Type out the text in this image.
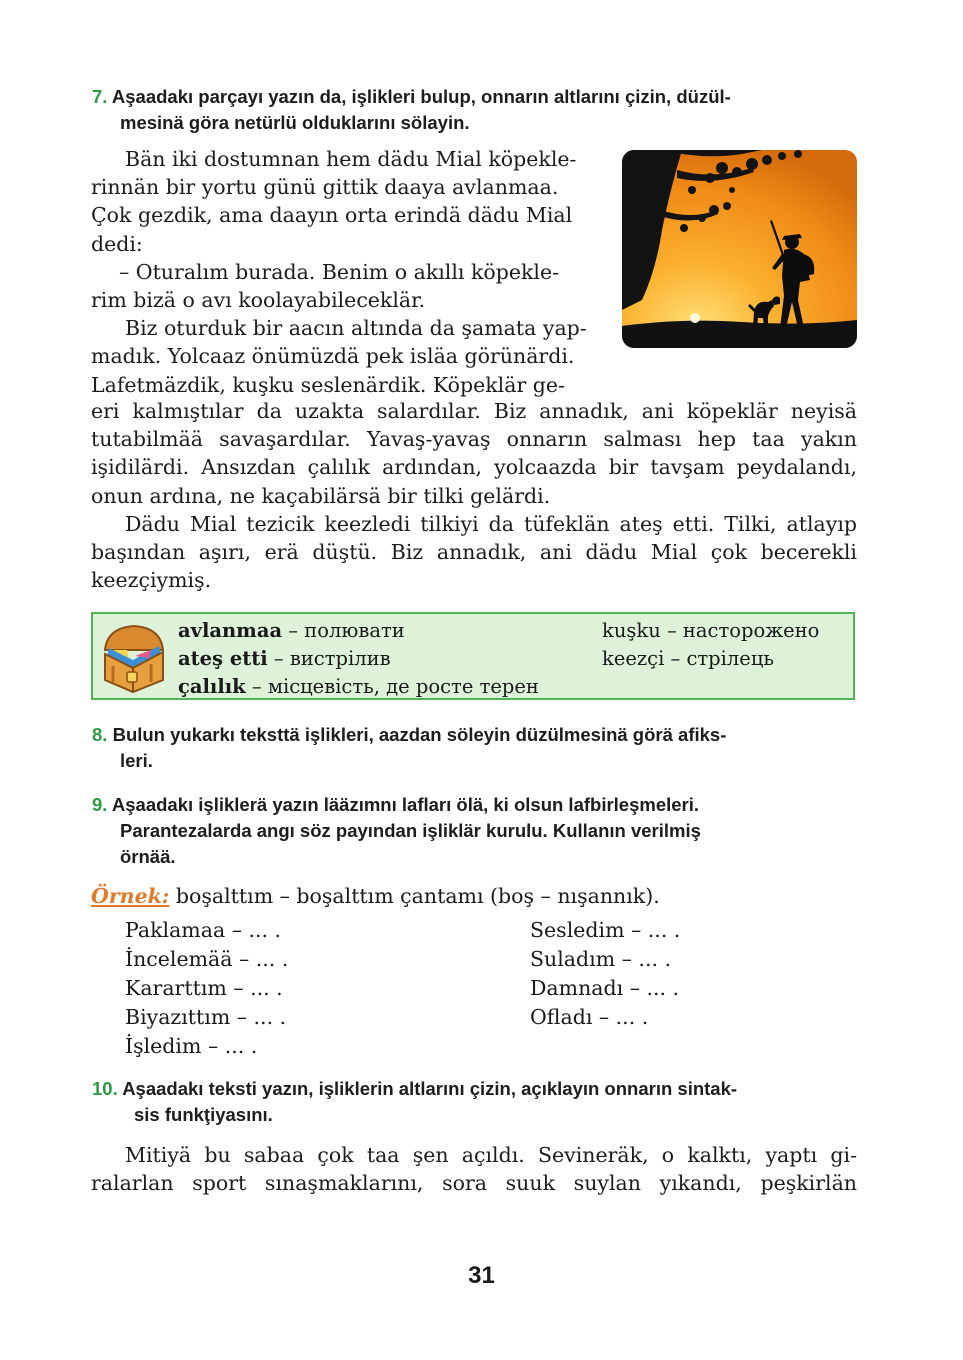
7. Aşaadakı parçayı yazın da, işlikleri bulup, onnarın altlarını çizin, düzül-
mesinä göra netürlü olduklarını sölayin.
Bän iki dostumnan hem dädu Mial köpekle-
rinnän bir yortu günü gittik daaya avlanmaa.
Çok gezdik, ama daayın orta erindä dädu Mial
dedi:
– Oturalım burada. Benim o akıllı köpekle-
rim bizä o avı koolayabileceklär.
Biz oturduk bir aacın altında da şamata yap-
madık. Yolcaaz önümüzdä pek isläa görünärdi.
Lafetmäzdik, kuşku seslenärdik. Köpeklär ge-
eri kalmıştılar da uzakta salardılar. Biz annadık, ani köpeklär neyisä
tutabilmää savaşardılar. Yavaş-yavaş onnarın salması hep taa yakın
işidilärdi. Ansızdan çalılık ardından, yolcaazda bir tavşam peydalandı,
onun ardına, ne kaçabilärsä bir tilki gelärdi.
Dädu Mial tezicik keezledi tilkiyi da tüfeklän ateş etti. Tilki, atlayıp
başından aşırı, erä düştü. Biz annadık, ani dädu Mial çok becerekli
keezçiymiş.
avlanmaa – полювати
ateş etti – вистрілив
çalılık – місцевість, де росте терен
kuşku – насторожено
keezçi – стрілець
8. Bulun yukarkı teksttä işlikleri, aazdan söleyin düzülmesinä görä afiks-
leri.
9. Aşaadakı işliklerä yazın lääzımnı lafları ölä, ki olsun lafbirleşmeleri.
Parantezalarda angı söz payından işliklär kurulu. Kullanın verilmiş
örnää.
Örnek: boşalttım – boşalttım çantamı (boş – nışannık).
Paklamaa – ... .
İncelemää – ... .
Kararttım – ... .
Biyazıttım – ... .
İşledim – ... .
Sesledim – ... .
Suladım – ... .
Damnadı – ... .
Ofladı – ... .
10. Aşaadakı teksti yazın, işliklerin altlarını çizin, açıklayın onnarın sintak-
sis funkţiyasını.
Mitiyä bu sabaa çok taa şen açıldı. Sevineräk, o kalktı, yaptı gi-
ralarlan sport sınaşmaklarını, sora suuk suylan yıkandı, peşkirlän
31
